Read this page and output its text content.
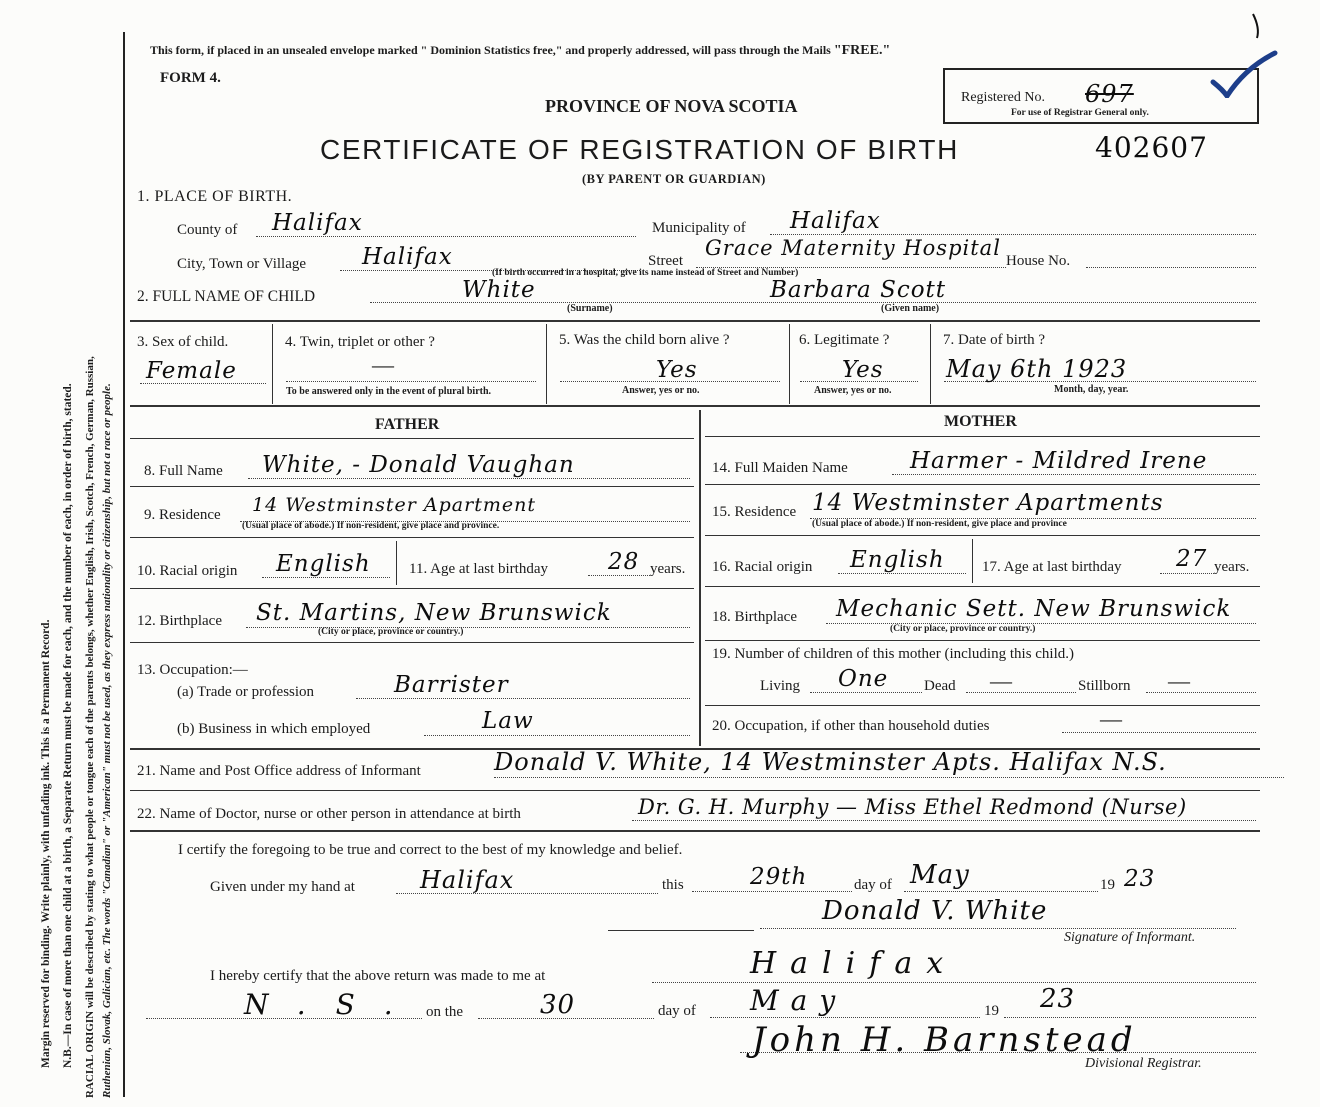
Margin reserved for binding. Write plainly, with unfading ink. This is a Permanent Record. N.B.—In case of more than one child at a birth, a Separate Return must be made for each, and the number of each, in order of birth, stated. RACIAL ORIGIN will be described by stating to what people or tongue each of the parents belongs, whether English, Irish, Scotch, French, German, Russian, Ruthenian, Slovak, Galician, etc. The words "Canadian" or "American" must not be used, as they express nationality or citizenship, but not a race or people.
This form, if placed in an unsealed envelope marked " Dominion Statistics free," and properly addressed, will pass through the Mails "FREE."
FORM 4.
Registered No. 697
For use of Registrar General only.
PROVINCE OF NOVA SCOTIA
CERTIFICATE OF REGISTRATION OF BIRTH	402607
(BY PARENT OR GUARDIAN)
1. PLACE OF BIRTH.
County of Halifax	Municipality of Halifax
City, Town or Village Halifax	Street
Grace Maternity Hospital
House No.
(If birth occurred in a hospital, give its name instead of Street and Number)
2. FULL NAME OF CHILD	White
(Surname)
Barbara Scott
(Given name)
3. Sex of child.
Female
4. Twin, triplet or other ?
—
To be answered only in the event of plural birth.
5. Was the child born alive ?
Yes
Answer, yes or no.
6. Legitimate ?
Yes
Answer, yes or no.
7. Date of birth ?
May 6th 1923
Month, day, year.
FATHER	MOTHER
8. Full Name White, - Donald Vaughan
9. Residence 14 Westminster Apartment
(Usual place of abode.) If non-resident, give place and province.
10. Racial origin English	11. Age at last birthday	28 years.
12. Birthplace St. Martins, New Brunswick
(City or place, province or country.)
13. Occupation:—
(a) Trade or profession	Barrister
(b) Business in which employed	Law
14. Full Maiden Name	Harmer - Mildred Irene
15. Residence 14 Westminster Apartments
(Usual place of abode.) If non-resident, give place and province
16. Racial origin English 17. Age at last birthday 27 years.
18. Birthplace Mechanic Sett. New Brunswick
(City or place, province or country.)
19. Number of children of this mother (including this child.)
Living One Dead —	Stillborn —
20. Occupation, if other than household duties	—
21. Name and Post Office address of Informant	Donald V. White, 14 Westminster Apts. Halifax N.S.
22. Name of Doctor, nurse or other person in attendance at birth	Dr. G. H. Murphy — Miss Ethel Redmond (Nurse)
I certify the foregoing to be true and correct to the best of my knowledge and belief.
Given under my hand at	Halifax	this	29th	day of May	19 23
Donald V. White
Signature of Informant.
I hereby certify that the above return was made to me at	Halifax
N.S. on the	30	day of May	19 23
John H. Barnstead
Divisional Registrar.
